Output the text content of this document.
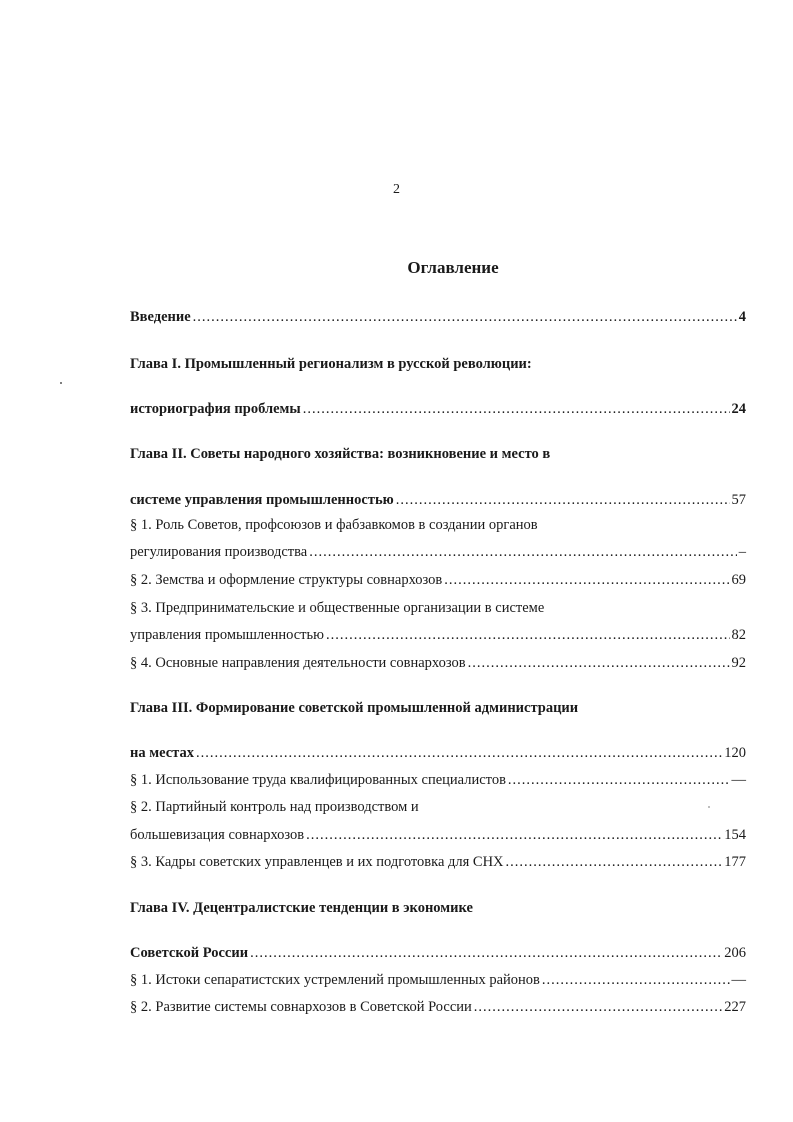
2
Оглавление
Введение .....	4
Глава I. Промышленный регионализм в русской революции:
историография проблемы .....	24
Глава II. Советы народного хозяйства: возникновение и место в
системе управления промышленностью .....	57
§ 1. Роль Советов, профсоюзов и фабзавкомов в создании органов
регулирования производства .....	–
§ 2. Земства и оформление структуры совнархозов .....	69
§ 3. Предпринимательские и общественные организации в системе
управления промышленностью .....	82
§ 4. Основные направления деятельности совнархозов .....	92
Глава III. Формирование советской промышленной администрации
на местах .....	120
§ 1. Использование труда квалифицированных специалистов .....	—
§ 2. Партийный контроль над производством и
большевизация совнархозов .....	154
§ 3. Кадры советских управленцев и их подготовка для СНХ .....	177
Глава IV. Децентралистские тенденции в экономике
Советской России .....	206
§ 1. Истоки сепаратистских устремлений промышленных районов .....	—
§ 2. Развитие системы совнархозов в Советской России .....	227
